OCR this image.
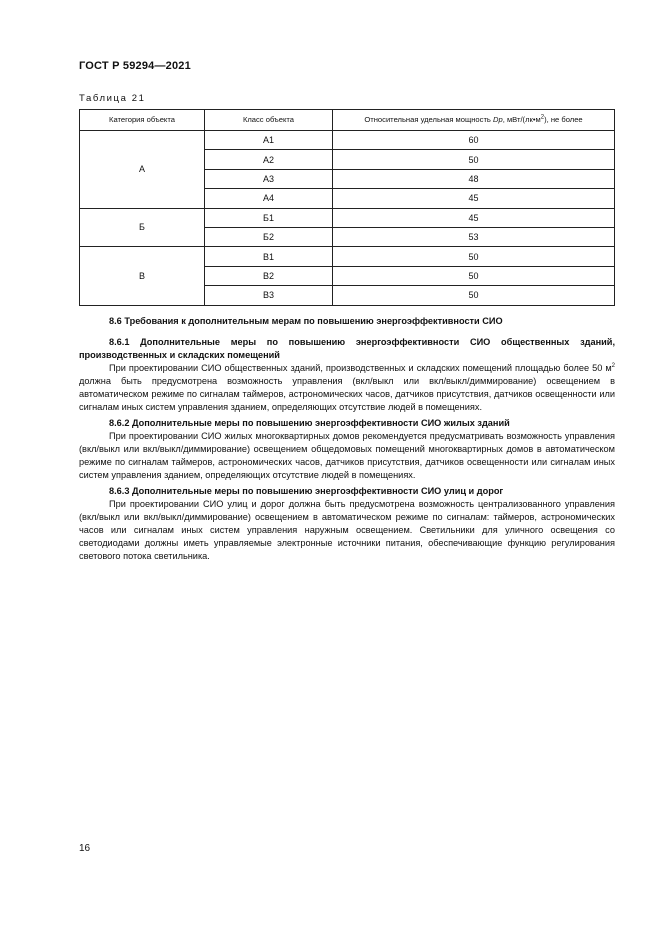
ГОСТ Р 59294—2021
Таблица 21
Категория объекта	Класс объекта	Относительная удельная мощность Dp, мВт/$(лк•м^2)$, не более
А	А1	60
	А2	50
	А3	48
	А4	45
Б	Б1	45
	Б2	53
В	В1	50
	В2	50
	В3	50

8.6 Требования к дополнительным мерам по повышению энергоэффективности СИО

8.6.1 Дополнительные меры по повышению энергоэффективности СИО общественных зданий, производственных и складских помещений

При проектировании СИО общественных зданий, производственных и складских помещений площадью более 50 $м^2$ должна быть предусмотрена возможность управления (вкл/выкл или вкл/выкл/диммирование) освещением в автоматическом режиме по сигналам таймеров, астрономических часов, датчиков присутствия, датчиков освещенности или сигналам иных систем управления зданием, определяющих отсутствие людей в помещениях.

8.6.2 Дополнительные меры по повышению энергоэффективности СИО жилых зданий

При проектировании СИО жилых многоквартирных домов рекомендуется предусматривать возможность управления (вкл/выкл или вкл/выкл/диммирование) освещением общедомовых помещений многоквартирных домов в автоматическом режиме по сигналам таймеров, астрономических часов, датчиков присутствия, датчиков освещенности или сигналам иных систем управления зданием, определяющих отсутствие людей в помещениях.

8.6.3 Дополнительные меры по повышению энергоэффективности СИО улиц и дорог

При проектировании СИО улиц и дорог должна быть предусмотрена возможность централизованного управления (вкл/выкл или вкл/выкл/диммирование) освещением в автоматическом режиме по сигналам: таймеров, астрономических часов или сигналам иных систем управления наружным освещением. Светильники для уличного освещения со светодиодами должны иметь управляемые электронные источники питания, обеспечивающие функцию регулирования светового потока светильника.

16
